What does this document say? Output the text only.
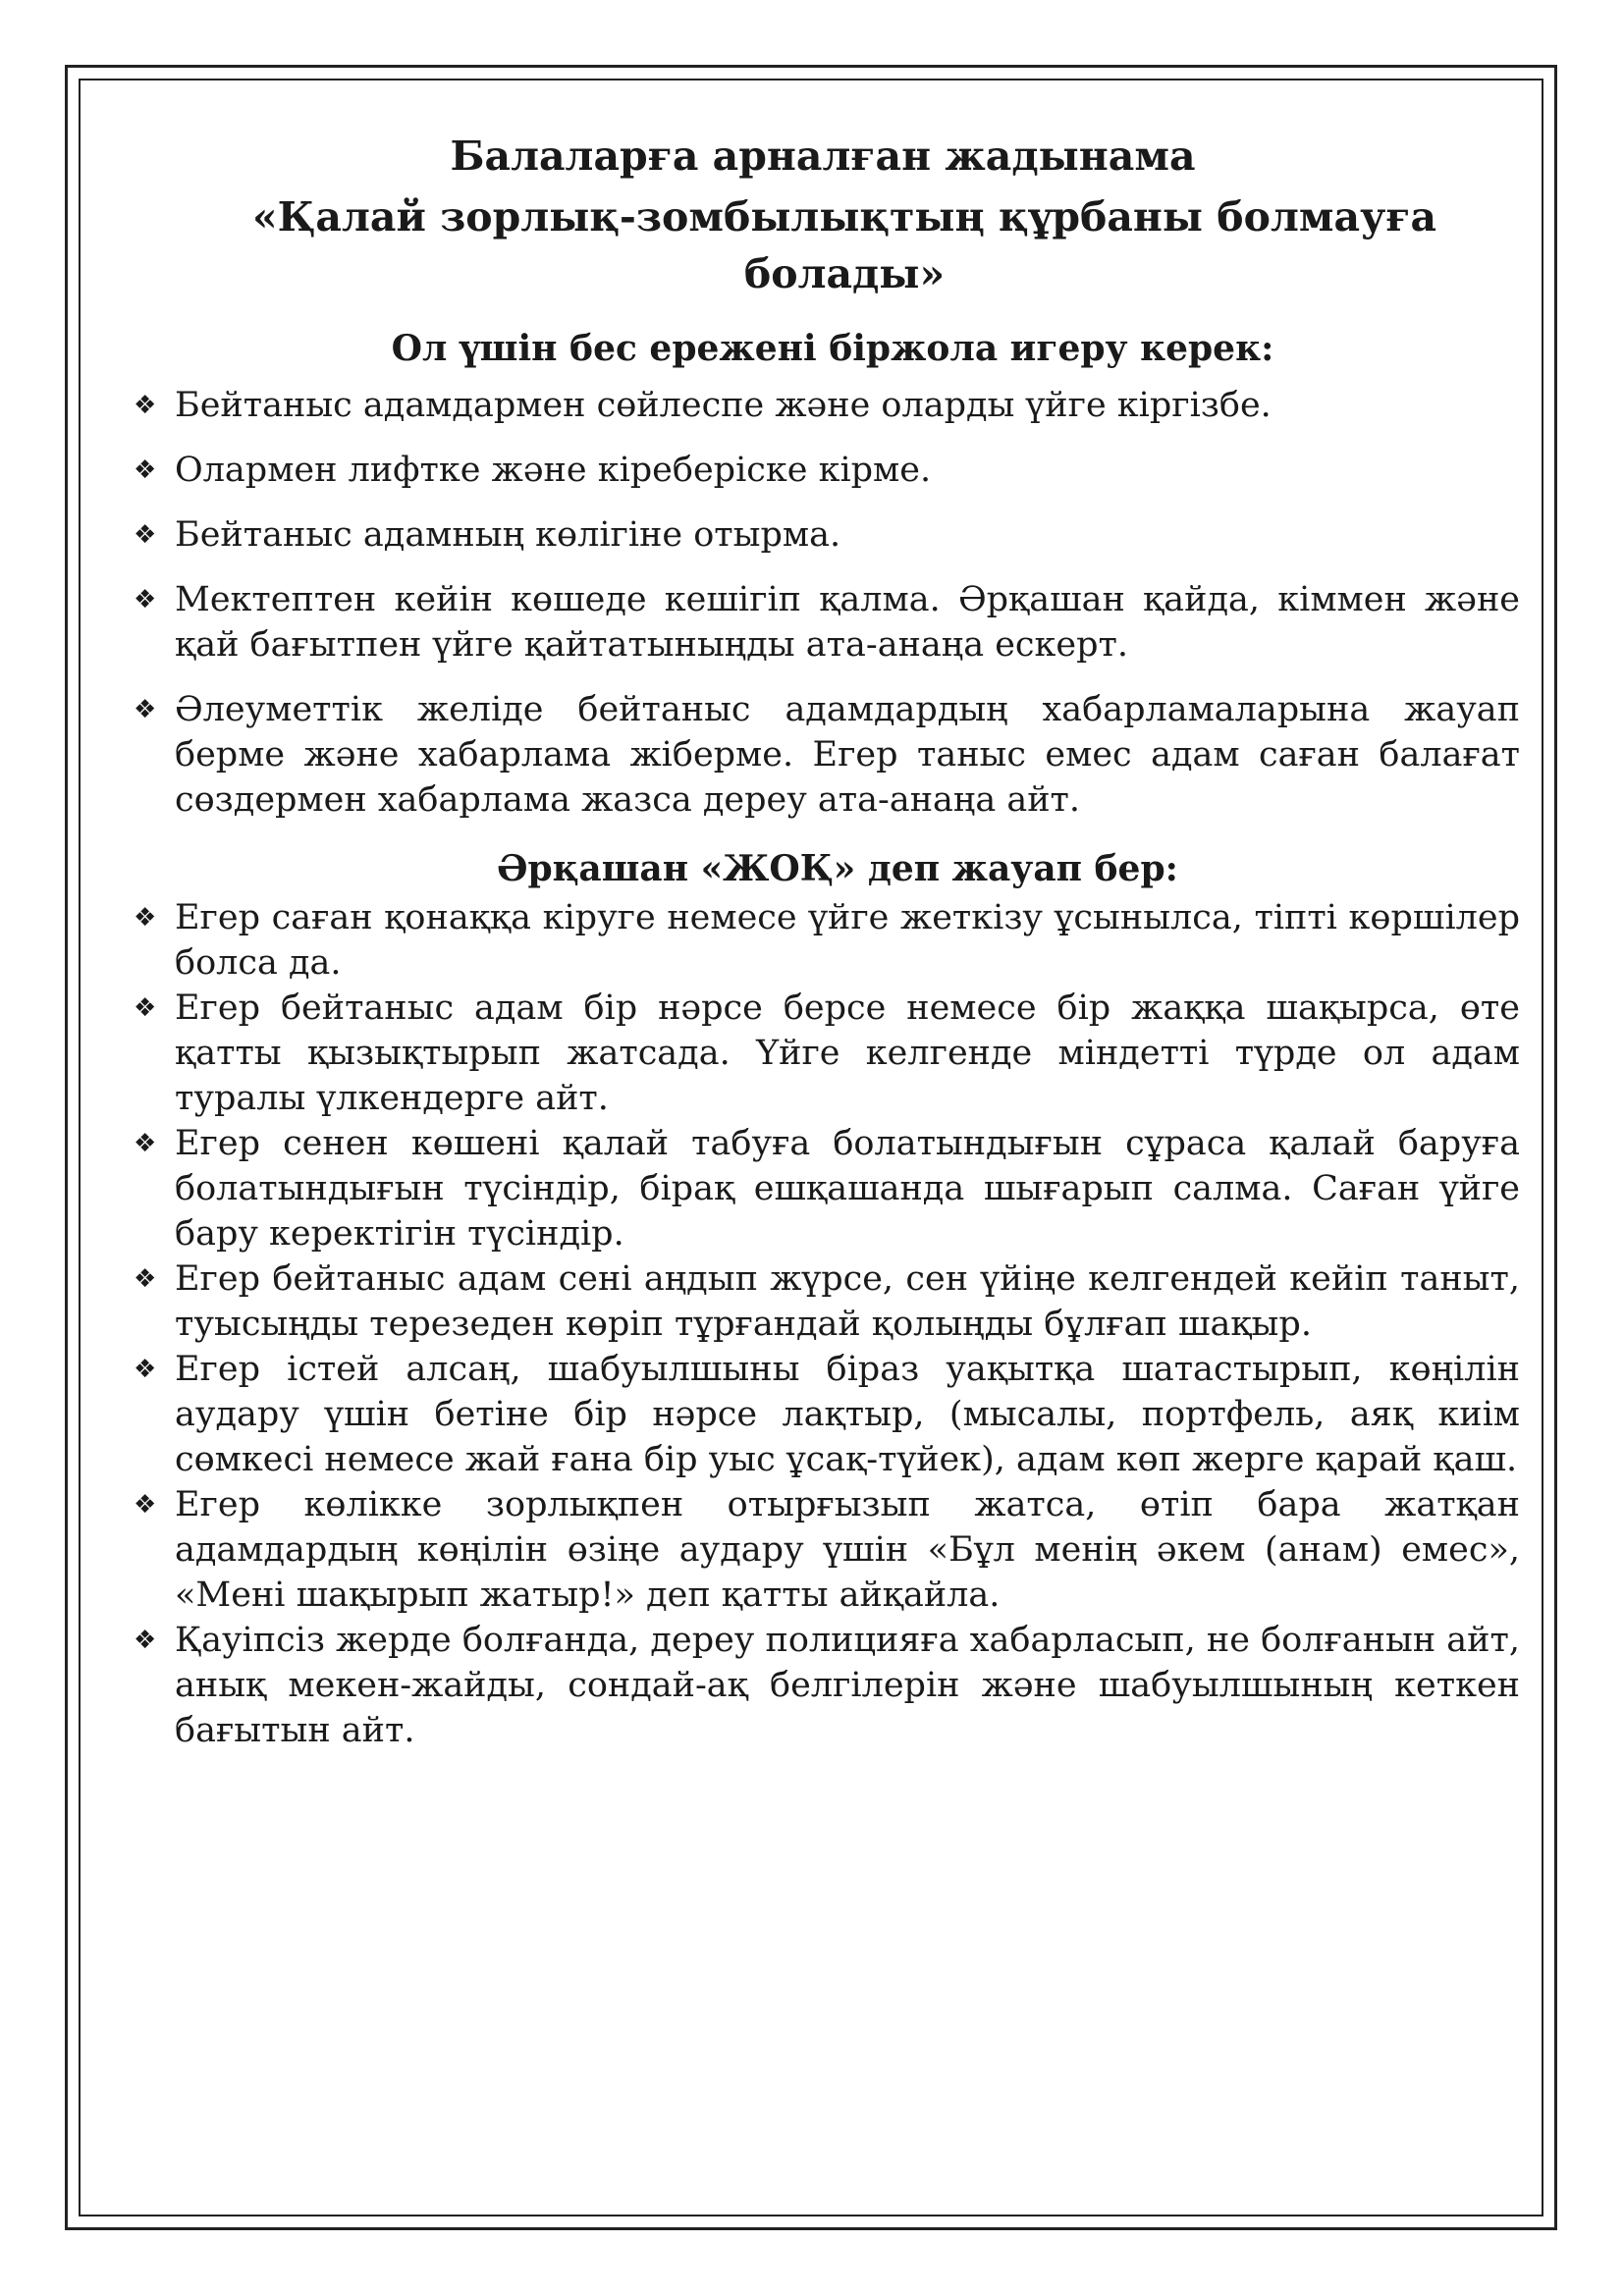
Балаларға арналған жадынама

«Қалай зорлық-зомбылықтың құрбаны болмауға болады»

Ол үшін бес ережені біржола игеру керек:

❖ Бейтаныс адамдармен сөйлеспе және оларды үйге кіргізбе.
❖ Олармен лифтке және кіреберіске кірме.
❖ Бейтаныс адамның көлігіне отырма.
❖ Мектептен кейін көшеде кешігіп қалма. Әрқашан қайда, кіммен және қай бағытпен үйге қайтатыныңды ата-анаңа ескерт.
❖ Әлеуметтік желіде бейтаныс адамдардың хабарламаларына жауап берме және хабарлама жіберме. Егер таныс емес адам саған балағат сөздермен хабарлама жазса дереу ата-анаңа айт.

Әрқашан «ЖОҚ» деп жауап бер:

❖ Егер саған қонаққа кіруге немесе үйге жеткізу ұсынылса, тіпті көршілер болса да.
❖ Егер бейтаныс адам бір нәрсе берсе немесе бір жаққа шақырса, өте қатты қызықтырып жатсада. Үйге келгенде міндетті түрде ол адам туралы үлкендерге айт.
❖ Егер сенен көшені қалай табуға болатындығын сұраса қалай баруға болатындығын түсіндір, бірақ ешқашанда шығарып салма. Саған үйге бару керектігін түсіндір.
❖ Егер бейтаныс адам сені аңдып жүрсе, сен үйіңе келгендей кейіп таныт, туысыңды терезеден көріп тұрғандай қолыңды бұлғап шақыр.
❖ Егер істей алсаң, шабуылшыны біраз уақытқа шатастырып, көңілін аудару үшін бетіне бір нәрсе лақтыр, (мысалы, портфель, аяқ киім сөмкесі немесе жай ғана бір уыс ұсақ-түйек), адам көп жерге қарай қаш.
❖ Егер көлікке зорлықпен отырғызып жатса, өтіп бара жатқан адамдардың көңілін өзіңе аудару үшін «Бұл менің әкем (анам) емес», «Мені шақырып жатыр!» деп қатты айқайла.
❖ Қауіпсіз жерде болғанда, дереу полицияға хабарласып, не болғанын айт, анық мекен-жайды, сондай-ақ белгілерін және шабуылшының кеткен бағытын айт.
